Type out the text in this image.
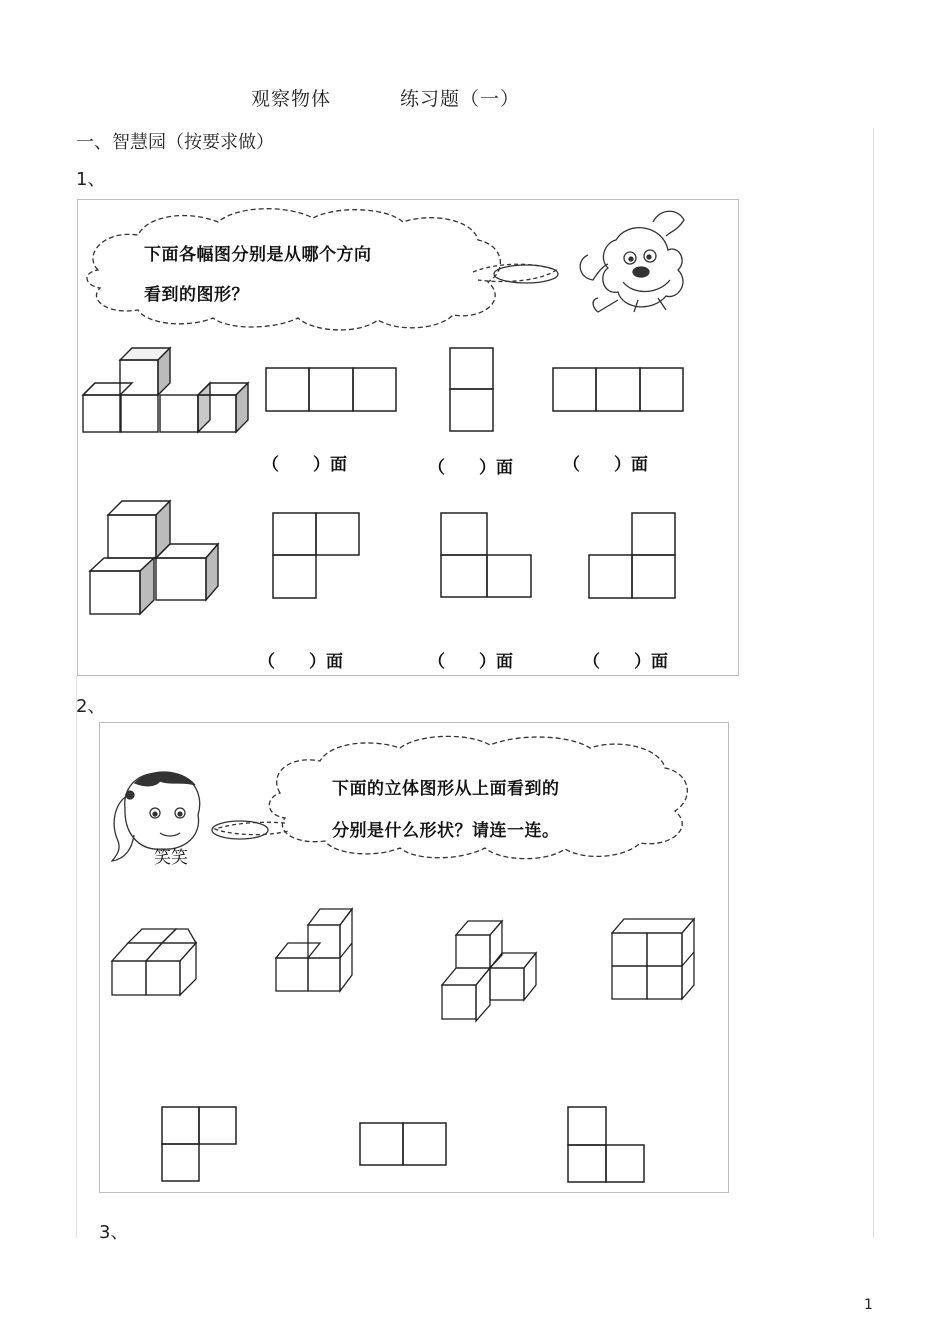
观察物体	练习题（一）
一、智慧园（按要求做）
1、
下面各幅图分别是从哪个方向
看到的图形？
（　　）面	（　　）面	（　　）面
（　　）面	（　　）面	（　　）面
2、
下面的立体图形从上面看到的
分别是什么形状？请连一连。
笑笑
3、
1
